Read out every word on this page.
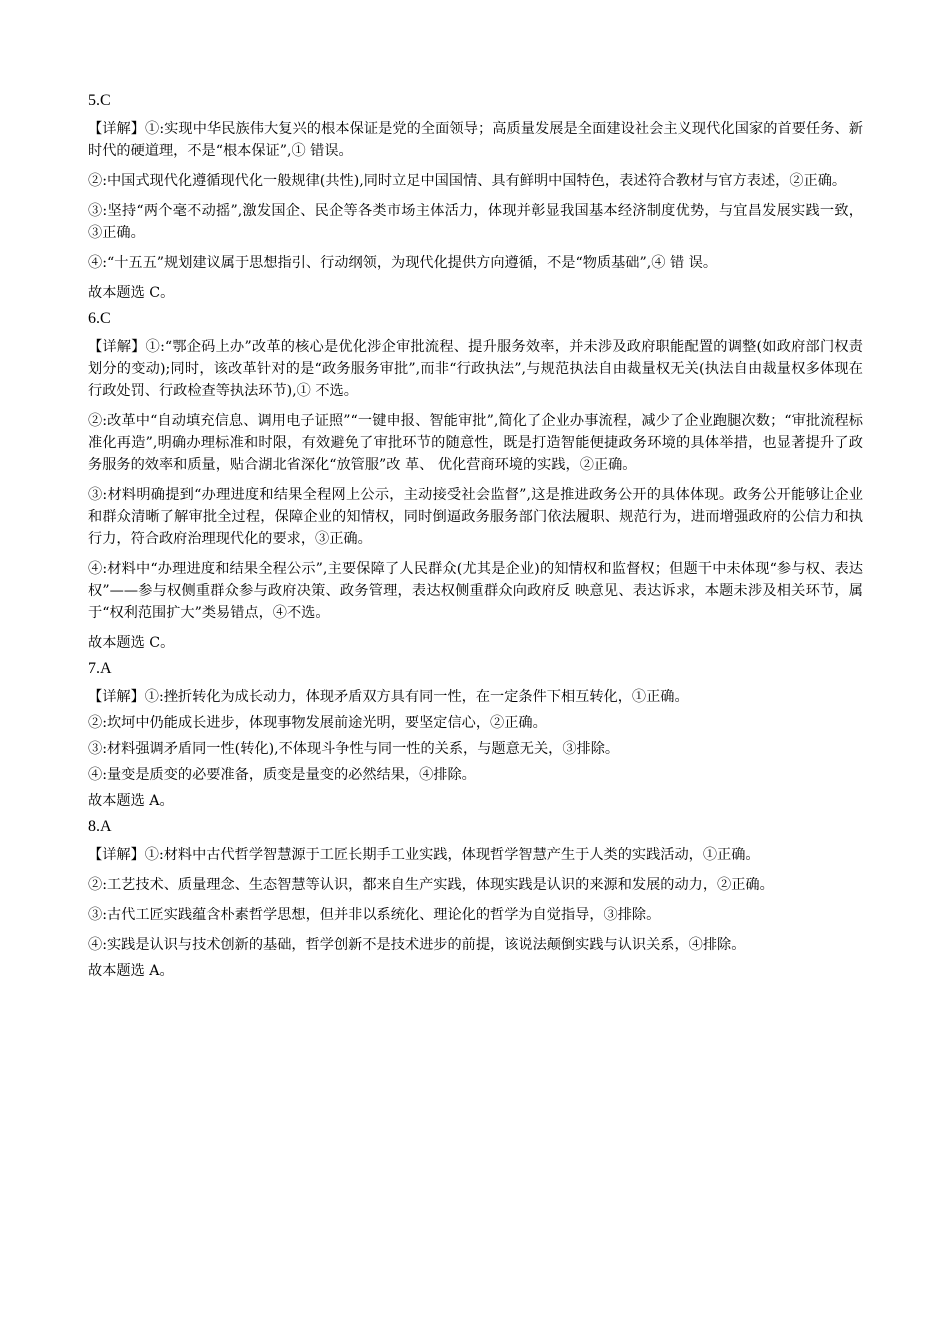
5.C

【详解】①:实现中华民族伟大复兴的根本保证是党的全面领导；高质量发展是全面建设社会主义现代化国家的首要任务、新时代的硬道理，不是“根本保证”,① 错误。

②:中国式现代化遵循现代化一般规律(共性),同时立足中国国情、具有鲜明中国特色，表述符合教材与官方表述，②正确。

③:坚持“两个毫不动摇”,激发国企、民企等各类市场主体活力，体现并彰显我国基本经济制度优势，与宜昌发展实践一致，③正确。

④:“十五五”规划建议属于思想指引、行动纲领，为现代化提供方向遵循，不是“物质基础”,④ 错 误。

故本题选 C。

6.C

【详解】①:“鄂企码上办”改革的核心是优化涉企审批流程、提升服务效率，并未涉及政府职能配置的调整(如政府部门权责划分的变动);同时，该改革针对的是“政务服务审批”,而非“行政执法”,与规范执法自由裁量权无关(执法自由裁量权多体现在行政处罚、行政检查等执法环节),① 不选。

②:改革中“自动填充信息、调用电子证照”“一键申报、智能审批”,简化了企业办事流程，减少了企业跑腿次数；“审批流程标准化再造”,明确办理标准和时限，有效避免了审批环节的随意性，既是打造智能便捷政务环境的具体举措，也显著提升了政务服务的效率和质量，贴合湖北省深化“放管服”改 革、 优化营商环境的实践，②正确。

③:材料明确提到“办理进度和结果全程网上公示，主动接受社会监督”,这是推进政务公开的具体体现。政务公开能够让企业和群众清晰了解审批全过程，保障企业的知情权，同时倒逼政务服务部门依法履职、规范行为，进而增强政府的公信力和执行力，符合政府治理现代化的要求，③正确。

④:材料中“办理进度和结果全程公示”,主要保障了人民群众(尤其是企业)的知情权和监督权；但题干中未体现“参与权、表达权”——参与权侧重群众参与政府决策、政务管理，表达权侧重群众向政府反 映意见、表达诉求，本题未涉及相关环节，属于“权利范围扩大”类易错点，④不选。

故本题选 C。

7.A

【详解】①:挫折转化为成长动力，体现矛盾双方具有同一性，在一定条件下相互转化，①正确。

②:坎坷中仍能成长进步，体现事物发展前途光明，要坚定信心，②正确。

③:材料强调矛盾同一性(转化),不体现斗争性与同一性的关系，与题意无关，③排除。

④:量变是质变的必要准备，质变是量变的必然结果，④排除。

故本题选 A。

8.A

【详解】①:材料中古代哲学智慧源于工匠长期手工业实践，体现哲学智慧产生于人类的实践活动，①正确。

②:工艺技术、质量理念、生态智慧等认识，都来自生产实践，体现实践是认识的来源和发展的动力，②正确。

③:古代工匠实践蕴含朴素哲学思想，但并非以系统化、理论化的哲学为自觉指导，③排除。

④:实践是认识与技术创新的基础，哲学创新不是技术进步的前提，该说法颠倒实践与认识关系，④排除。

故本题选 A。
